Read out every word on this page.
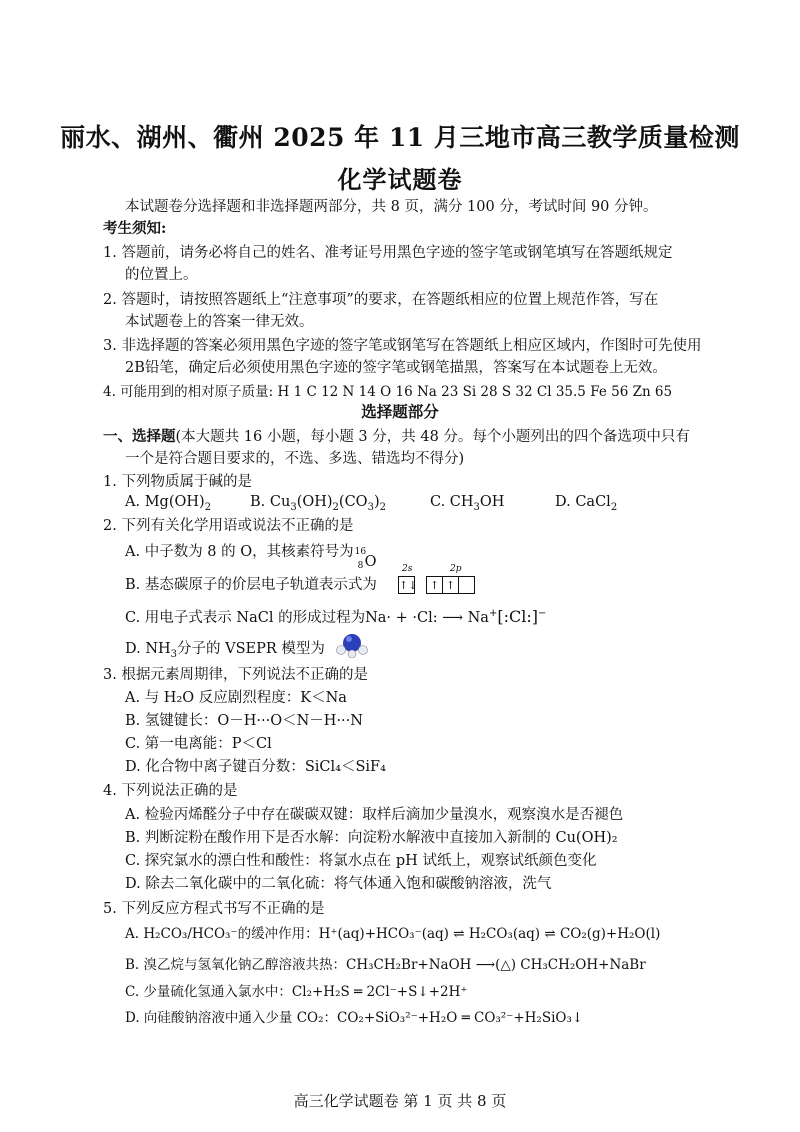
丽水、湖州、衢州 2025 年 11 月三地市高三教学质量检测
化学试题卷
本试题卷分选择题和非选择题两部分，共 8 页，满分 100 分，考试时间 90 分钟。
考生须知:
1. 答题前，请务必将自己的姓名、准考证号用黑色字迹的签字笔或钢笔填写在答题纸规定
的位置上。
2. 答题时，请按照答题纸上“注意事项”的要求，在答题纸相应的位置上规范作答，写在
本试题卷上的答案一律无效。
3. 非选择题的答案必须用黑色字迹的签字笔或钢笔写在答题纸上相应区域内，作图时可先使用
2B铅笔，确定后必须使用黑色字迹的签字笔或钢笔描黑，答案写在本试题卷上无效。
4. 可能用到的相对原子质量: H 1 C 12 N 14 O 16 Na 23 Si 28 S 32 Cl 35.5 Fe 56 Zn 65
选择题部分
一、选择题(本大题共 16 小题，每小题 3 分，共 48 分。每个小题列出的四个备选项中只有
一个是符合题目要求的，不选、多选、错选均不得分)
1. 下列物质属于碱的是
A. $Mg(OH)_2$	B. $Cu_3(OH)_2(CO_3)_2$	C. $CH_3OH$	D. CaCl$_2$
2. 下列有关化学用语或说法不正确的是
A. 中子数为 8 的 O，其核素符号为 16
8 O
B. 基态碳原子的价层电子轨道表示式为
2s	2p
↑↓	↑ ↑
C. 用电子式表示 NaCl 的形成过程为Na· + ·Cl: ⟶ Na+[:Cl:]−
D. $NH_3$分子的 VSEPR 模型为
3. 根据元素周期律，下列说法不正确的是
A. 与 H₂O 反应剧烈程度：K＜Na
B. 氢键键长：O－H···O＜N－H···N
C. 第一电离能：P＜Cl
D. 化合物中离子键百分数：SiCl₄＜SiF₄
4. 下列说法正确的是
A. 检验丙烯醛分子中存在碳碳双键：取样后滴加少量溴水，观察溴水是否褪色
B. 判断淀粉在酸作用下是否水解：向淀粉水解液中直接加入新制的 Cu(OH)₂
C. 探究氯水的漂白性和酸性：将氯水点在 pH 试纸上，观察试纸颜色变化
D. 除去二氧化碳中的二氧化硫：将气体通入饱和碳酸钠溶液，洗气
5. 下列反应方程式书写不正确的是
A. H₂CO₃/HCO₃⁻的缓冲作用：H⁺(aq)+HCO₃⁻(aq) ⇌ H₂CO₃(aq) ⇌ CO₂(g)+H₂O(l)
B. 溴乙烷与氢氧化钠乙醇溶液共热：CH₃CH₂Br+NaOH ⟶(△) CH₃CH₂OH+NaBr
C. 少量硫化氢通入氯水中：Cl₂+H₂S ═ 2Cl⁻+S↓+2H⁺
D. 向硅酸钠溶液中通入少量 CO₂：CO₂+SiO₃²⁻+H₂O ═ CO₃²⁻+H₂SiO₃↓
高三化学试题卷 第 1 页 共 8 页
